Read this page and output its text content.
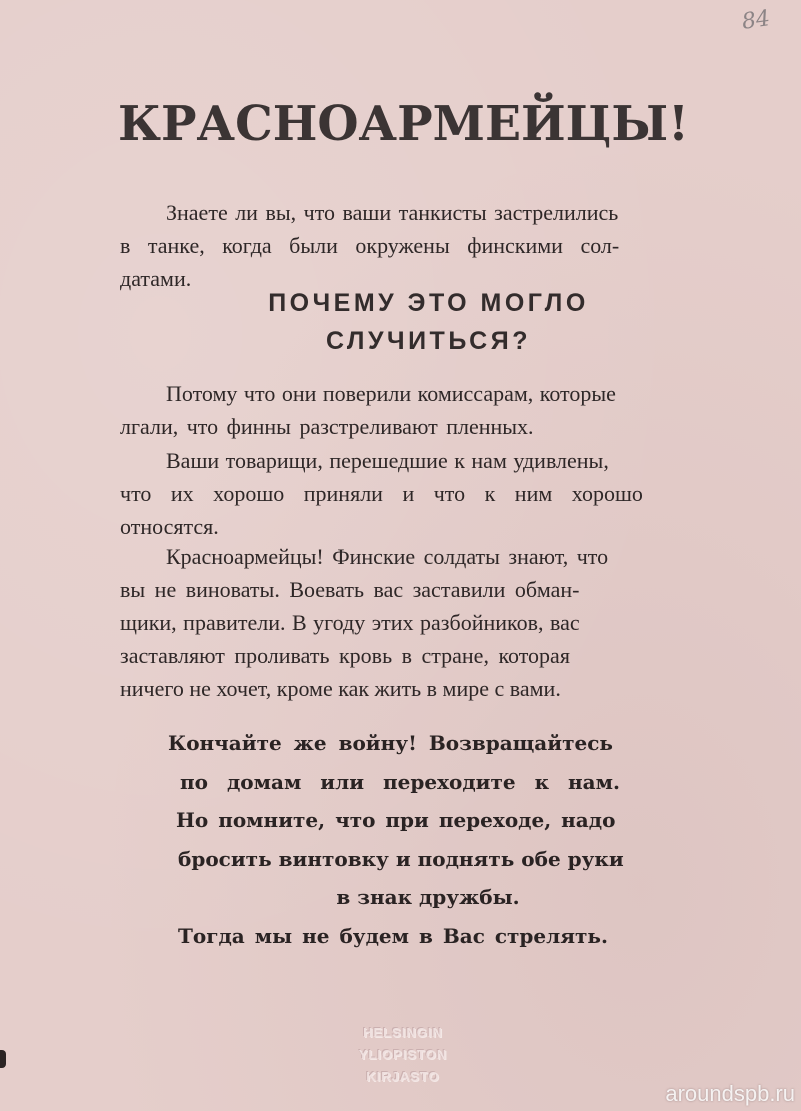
84
КРАСНОАРМЕЙЦЫ!
Знаете ли вы, что ваши танкисты застрелились
в танке, когда были окружены финскими сол-
датами.
ПОЧЕМУ ЭТО МОГЛО
СЛУЧИТЬСЯ?
Потому что они поверили комиссарам, которые
лгали, что финны разстреливают пленных.
Ваши товарищи, перешедшие к нам удивлены,
что их хорошо приняли и что к ним хорошо
относятся.
Красноармейцы! Финские солдаты знают, что
вы не виноваты. Воевать вас заставили обман-
щики, правители. В угоду этих разбойников, вас
заставляют проливать кровь в стране, которая
ничего не хочет, кроме как жить в мире с вами.
Кончайте же войну! Возвращайтесь
по домам или переходите к нам.
Но помните, что при переходе, надо
бросить винтовку и поднять обе руки
в знак дружбы.
Тогда мы не будем в Вас стрелять.
HELSINGIN
YLIOPISTON
KIRJASTO
aroundspb.ru
